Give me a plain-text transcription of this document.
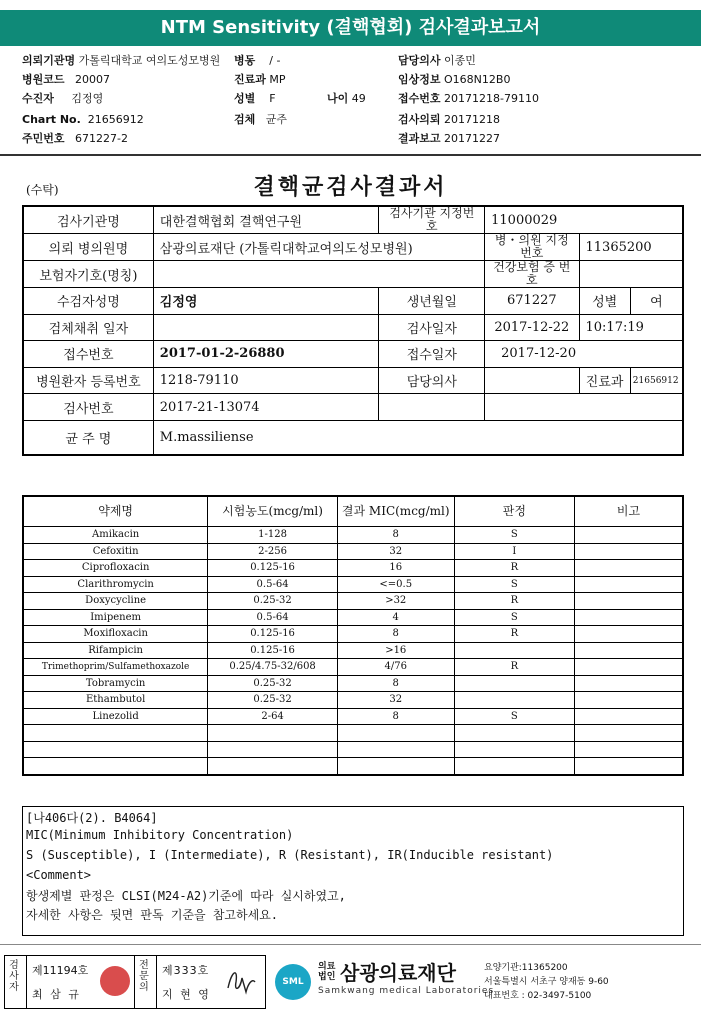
NTM Sensitivity (결핵협회) 검사결과보고서
의뢰기관명 가톨릭대학교 여의도성모병원 병동 / -	담당의사 이종민
병원코드 20007	진료과 MP	임상정보 O168N12B0
수진자 김정영	성별 F	나이 49	접수번호 20171218-79110
Chart No. 21656912	검체 균주	검사의뢰 20171218
주민번호 671227-2	결과보고 20171227
(수탁)	결핵균검사결과서
검사기관명	대한결핵협회 결핵연구원	검사기관 지정번호	11000029		
의뢰 병의원명	삼광의료재단 (가톨릭대학교여의도성모병원)		병・의원 지정번호	11365200	
보험자기호(명칭)			건강보험 증 번 호		
수검자성명	김정영	생년월일	671227	성별	여
검체채취 일자		검사일자	2017-12-22	10:17:19	
접수번호	2017-01-2-26880	접수일자	2017-12-20		
병원환자 등록번호	1218-79110	담당의사		진료과	21656912
검사번호	2017-21-13074				
균 주 명	M.massiliense				
약제명	시험농도(mcg/ml)	결과 MIC(mcg/ml)	판정	비고
Amikacin	1-128	8	S	
Cefoxitin	2-256	32	I	
Ciprofloxacin	0.125-16	16	R	
Clarithromycin	0.5-64	<=0.5	S	
Doxycycline	0.25-32	>32	R	
Imipenem	0.5-64	4	S	
Moxifloxacin	0.125-16	8	R	
Rifampicin	0.125-16	>16		
Trimethoprim/Sulfamethoxazole	0.25/4.75-32/608	4/76	R	
Tobramycin	0.25-32	8		
Ethambutol	0.25-32	32		
Linezolid	2-64	8	S	

[나406다(2). B4064]
MIC(Minimum Inhibitory Concentration)
S (Susceptible), I (Intermediate), R (Resistant), IR(Inducible resistant)
<Comment>
항생제별 판정은 CLSI(M24-A2)기준에 따라 실시하였고,
자세한 사항은 뒷면 판독 기준을 참고하세요.
검사자
제11194호
최 삼 규
전문의
제333호
지 현 영
SML
의료법인 삼광의료재단
Samkwang medical Laboratories
요양기관:11365200
서울특별시 서초구 양재동 9-60
대표번호 : 02-3497-5100
